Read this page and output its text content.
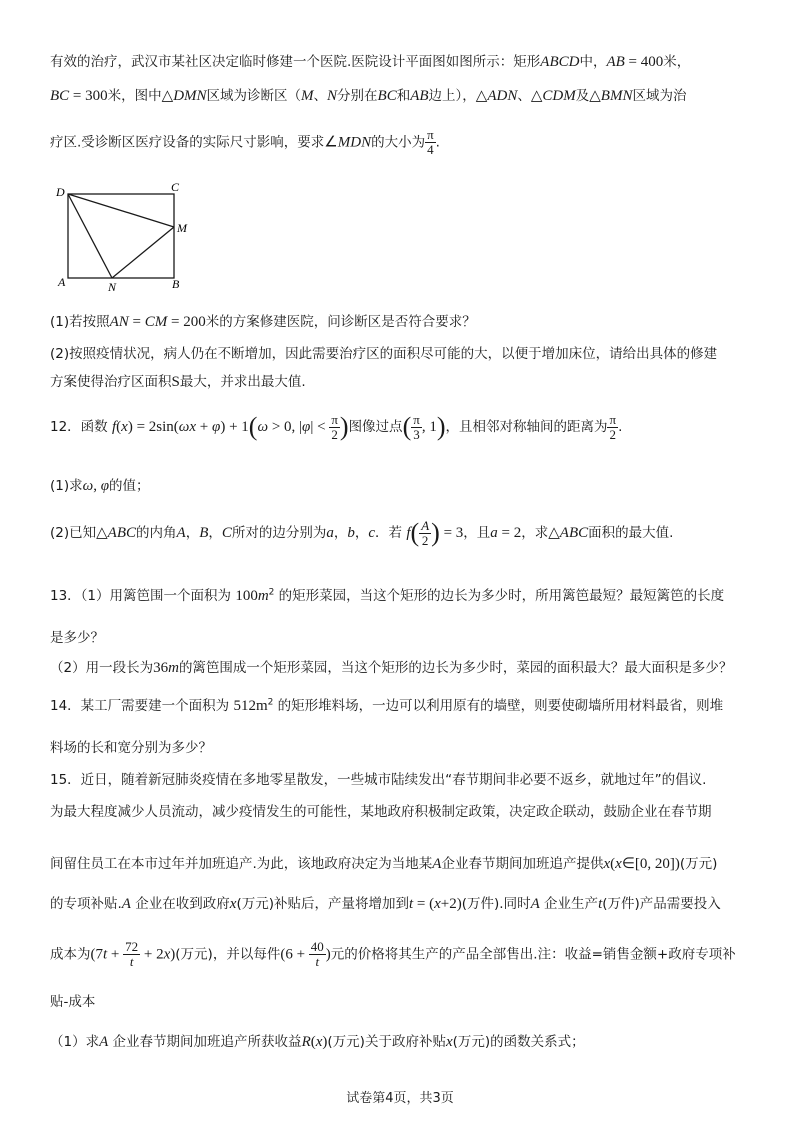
有效的治疗，武汉市某社区决定临时修建一个医院.医院设计平面图如图所示：矩形ABCD中，AB = 400米，
BC = 300米，图中△DMN区域为诊断区（M、N分别在BC和AB边上），△ADN、△CDM及△BMN区域为治
疗区.受诊断区医疗设备的实际尺寸影响，要求∠MDN的大小为 $\frac{\pi}{4}$ .
D	C
M
A	N	B
(1)若按照AN = CM = 200米的方案修建医院，问诊断区是否符合要求？
(2)按照疫情状况，病人仍在不断增加，因此需要治疗区的面积尽可能的大，以便于增加床位，请给出具体的修建
方案使得治疗区面积S最大，并求出最大值.
12．函数 f(x) = 2sin(ωx + φ) + 1(ω > 0, $|\varphi| < \frac{\pi}{2}$ )图像过点( $\frac{\pi}{3}$ , 1)，且相邻对称轴间的距离为 $\frac{\pi}{2}$ .
(1)求ω, φ的值；
(2)已知△ABC的内角A，B，C所对的边分别为a，b，c．若 $f( \frac{A}{2}$ ) = 3，且a = 2，求△ABC面积的最大值.
13．（1）用篱笆围一个面积为 $100m^2$ 的矩形菜园，当这个矩形的边长为多少时，所用篱笆最短？最短篱笆的长度
是多少？
（2）用一段长为36m的篱笆围成一个矩形菜园，当这个矩形的边长为多少时，菜园的面积最大？最大面积是多少？
14．某工厂需要建一个面积为 $512m^2$ 的矩形堆料场，一边可以利用原有的墙壁，则要使砌墙所用材料最省，则堆
料场的长和宽分别为多少？
15．近日，随着新冠肺炎疫情在多地零星散发，一些城市陆续发出“春节期间非必要不返乡，就地过年”的倡议.
为最大程度减少人员流动，减少疫情发生的可能性，某地政府积极制定政策，决定政企联动，鼓励企业在春节期
间留住员工在本市过年并加班追产.为此，该地政府决定为当地某A企业春节期间加班追产提供x(x∈[0, 20])(万元)
的专项补贴.A 企业在收到政府x(万元)补贴后，产量将增加到t = (x+2)(万件).同时A 企业生产t(万件)产品需要投入
成本为$(7t + \frac{72}{t} + 2x)$(万元)，并以每件($6 + \frac{40}{t}$ )元的价格将其生产的产品全部售出.注：收益=销售金额+政府专项补
贴-成本
（1）求A 企业春节期间加班追产所获收益R(x)(万元)关于政府补贴x(万元)的函数关系式；
试卷第4页，共3页
